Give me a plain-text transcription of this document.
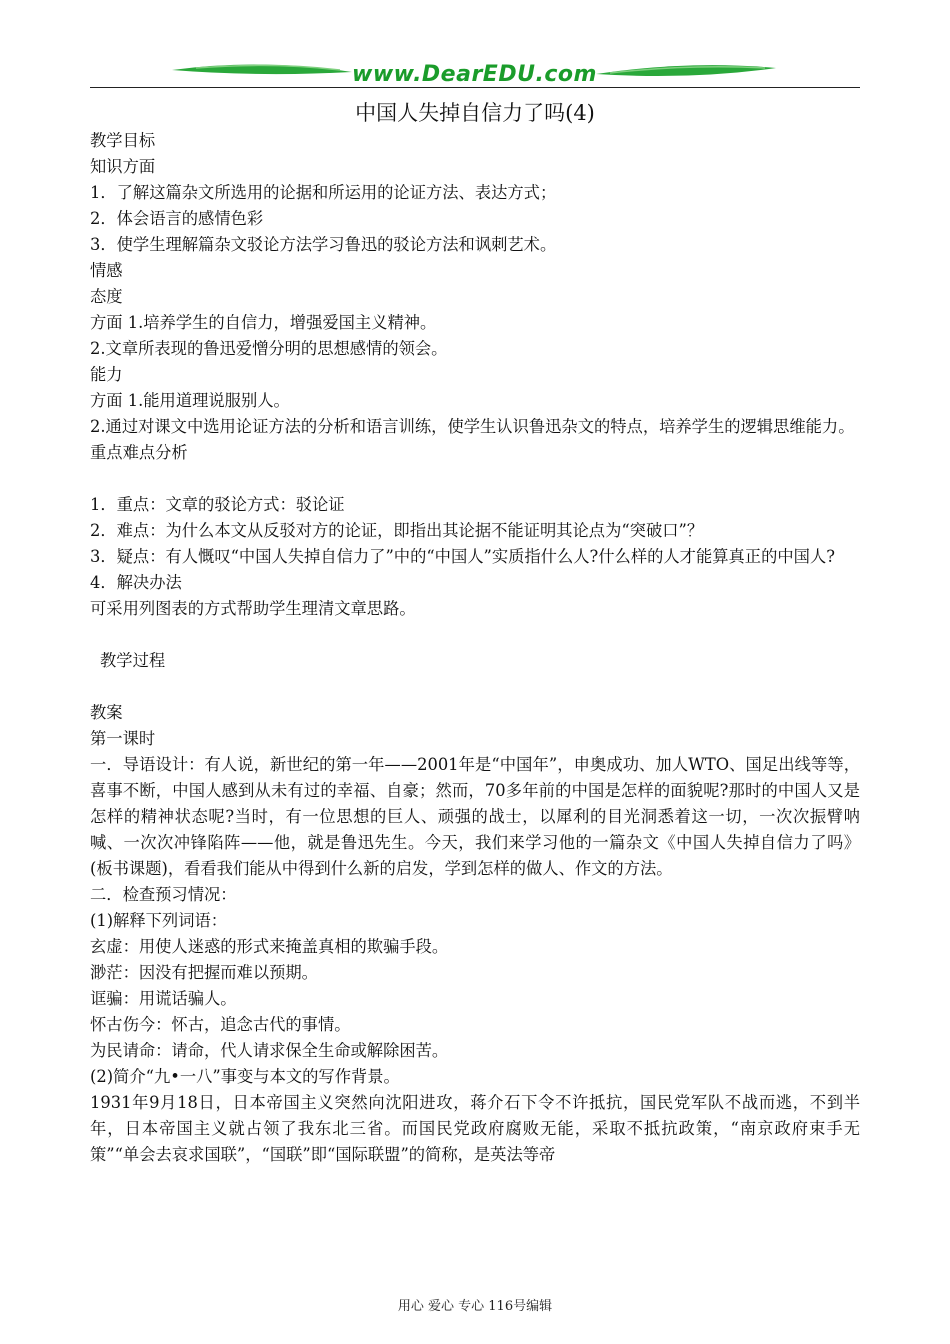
www.DearEDU.com
中国人失掉自信力了吗(4)
教学目标
知识方面
1．了解这篇杂文所选用的论据和所运用的论证方法、表达方式；
2．体会语言的感情色彩
3．使学生理解篇杂文驳论方法学习鲁迅的驳论方法和讽刺艺术。
情感
态度
方面 1.培养学生的自信力，增强爱国主义精神。
2.文章所表现的鲁迅爱憎分明的思想感情的领会。
能力
方面 1.能用道理说服别人。
2.通过对课文中选用论证方法的分析和语言训练，使学生认识鲁迅杂文的特点，培养学生的逻辑思维能力。
重点难点分析
1．重点：文章的驳论方式：驳论证
2．难点：为什么本文从反驳对方的论证，即指出其论据不能证明其论点为“突破口”？
3．疑点：有人慨叹“中国人失掉自信力了”中的“中国人”实质指什么人?什么样的人才能算真正的中国人?
4．解决办法
可采用列图表的方式帮助学生理清文章思路。
教学过程
教案
第一课时
一．导语设计：有人说，新世纪的第一年——2001年是“中国年”，申奥成功、加人WTO、国足出线等等，喜事不断，中国人感到从未有过的幸福、自豪；然而，70多年前的中国是怎样的面貌呢?那时的中国人又是怎样的精神状态呢?当时，有一位思想的巨人、顽强的战士，以犀利的目光洞悉着这一切，一次次振臂呐喊、一次次冲锋陷阵——他，就是鲁迅先生。今天，我们来学习他的一篇杂文《中国人失掉自信力了吗》(板书课题)，看看我们能从中得到什么新的启发，学到怎样的做人、作文的方法。
二．检查预习情况：
(1)解释下列词语：
玄虚：用使人迷惑的形式来掩盖真相的欺骗手段。
渺茫：因没有把握而难以预期。
诓骗：用谎话骗人。
怀古伤今：怀古，追念古代的事情。
为民请命：请命，代人请求保全生命或解除困苦。
(2)简介“九•一八”事变与本文的写作背景。
1931年9月18日，日本帝国主义突然向沈阳进攻，蒋介石下令不许抵抗，国民党军队不战而逃，不到半年，日本帝国主义就占领了我东北三省。而国民党政府腐败无能，采取不抵抗政策，“南京政府束手无策”“单会去哀求国联”，“国联”即“国际联盟”的简称，是英法等帝
用心 爱心 专心 116号编辑
